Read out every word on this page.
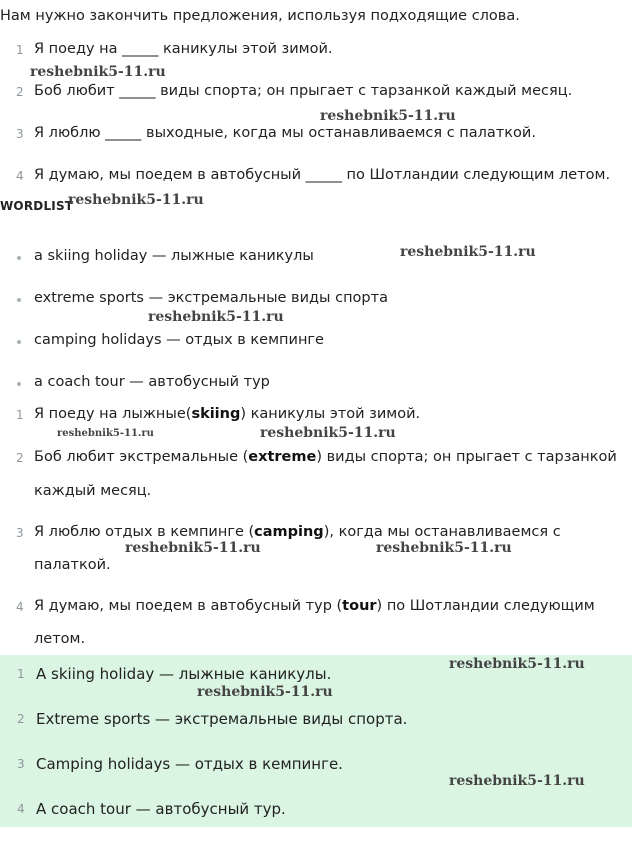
Нам нужно закончить предложения, используя подходящие слова.
1 Я поеду на _____ каникулы этой зимой.
2 Боб любит _____ виды спорта; он прыгает с тарзанкой каждый месяц.
3 Я люблю _____ выходные, когда мы останавливаемся с палаткой.
4 Я думаю, мы поедем в автобусный _____ по Шотландии следующим летом.
WORDLIST
a skiing holiday — лыжные каникулы
extreme sports — экстремальные виды спорта
camping holidays — отдых в кемпинге
a coach tour — автобусный тур
1 Я поеду на лыжные(skiing) каникулы этой зимой.
2 Боб любит экстремальные (extreme) виды спорта; он прыгает с тарзанкой
каждый месяц.
3 Я люблю отдых в кемпинге (camping), когда мы останавливаемся с
палаткой.
4 Я думаю, мы поедем в автобусный тур (tour) по Шотландии следующим
летом.
1 A skiing holiday — лыжные каникулы.
2 Extreme sports — экстремальные виды спорта.
3 Camping holidays — отдых в кемпинге.
4 A coach tour — автобусный тур.
reshebnik5-11.ru
reshebnik5-11.ru
reshebnik5-11.ru
reshebnik5-11.ru
reshebnik5-11.ru
reshebnik5-11.ru	reshebnik5-11.ru
reshebnik5-11.ru	reshebnik5-11.ru
reshebnik5-11.ru
reshebnik5-11.ru
reshebnik5-11.ru
